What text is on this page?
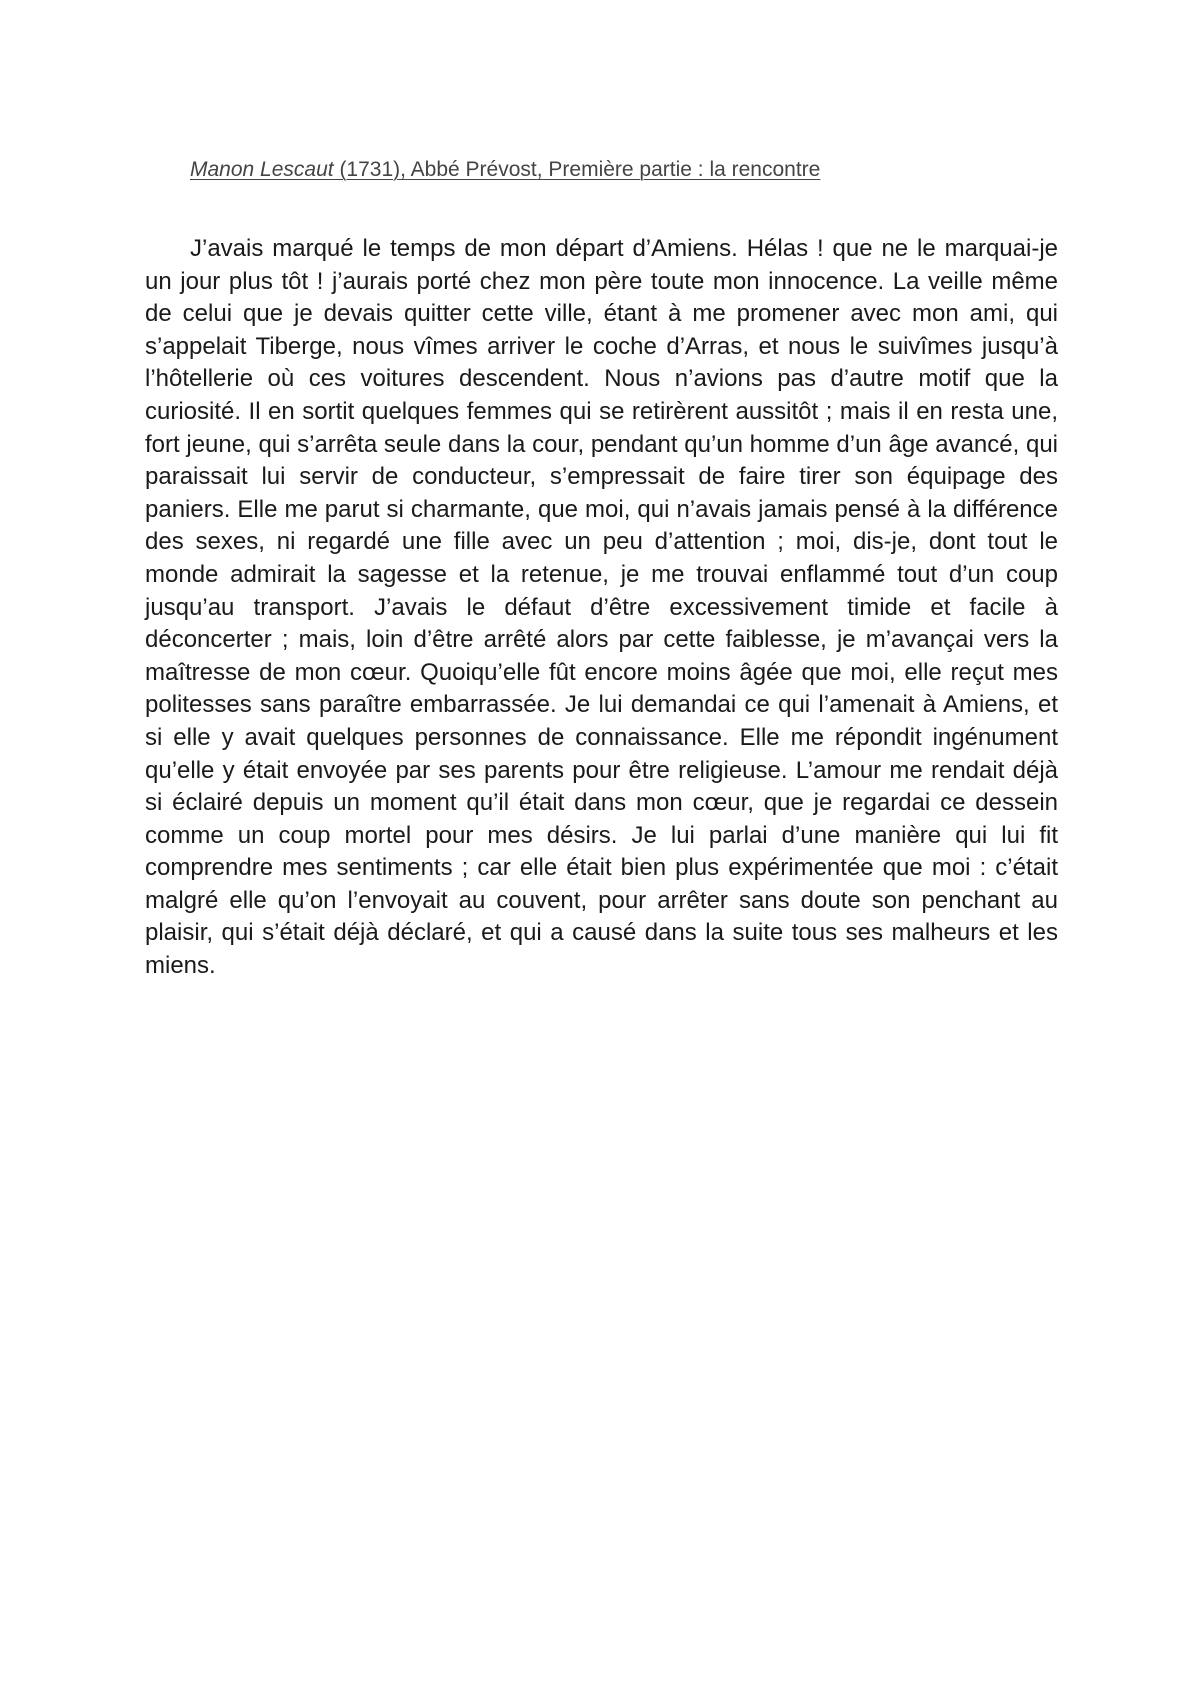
Manon Lescaut (1731), Abbé Prévost, Première partie : la rencontre

J’avais marqué le temps de mon départ d’Amiens. Hélas ! que ne le marquai-je un jour plus tôt ! j’aurais porté chez mon père toute mon innocence. La veille même de celui que je devais quitter cette ville, étant à me promener avec mon ami, qui s’appelait Tiberge, nous vîmes arriver le coche d’Arras, et nous le suivîmes jusqu’à l’hôtellerie où ces voitures descendent. Nous n’avions pas d’autre motif que la curiosité. Il en sortit quelques femmes qui se retirèrent aussitôt ; mais il en resta une, fort jeune, qui s’arrêta seule dans la cour, pendant qu’un homme d’un âge avancé, qui paraissait lui servir de conducteur, s’empressait de faire tirer son équipage des paniers. Elle me parut si charmante, que moi, qui n’avais jamais pensé à la différence des sexes, ni regardé une fille avec un peu d’attention ; moi, dis-je, dont tout le monde admirait la sagesse et la retenue, je me trouvai enflammé tout d’un coup jusqu’au transport. J’avais le défaut d’être excessivement timide et facile à déconcerter ; mais, loin d’être arrêté alors par cette faiblesse, je m’avançai vers la maîtresse de mon cœur. Quoiqu’elle fût encore moins âgée que moi, elle reçut mes politesses sans paraître embarrassée. Je lui demandai ce qui l’amenait à Amiens, et si elle y avait quelques personnes de connaissance. Elle me répondit ingénument qu’elle y était envoyée par ses parents pour être religieuse. L’amour me rendait déjà si éclairé depuis un moment qu’il était dans mon cœur, que je regardai ce dessein comme un coup mortel pour mes désirs. Je lui parlai d’une manière qui lui fit comprendre mes sentiments ; car elle était bien plus expérimentée que moi : c’était malgré elle qu’on l’envoyait au couvent, pour arrêter sans doute son penchant au plaisir, qui s’était déjà déclaré, et qui a causé dans la suite tous ses malheurs et les miens.
